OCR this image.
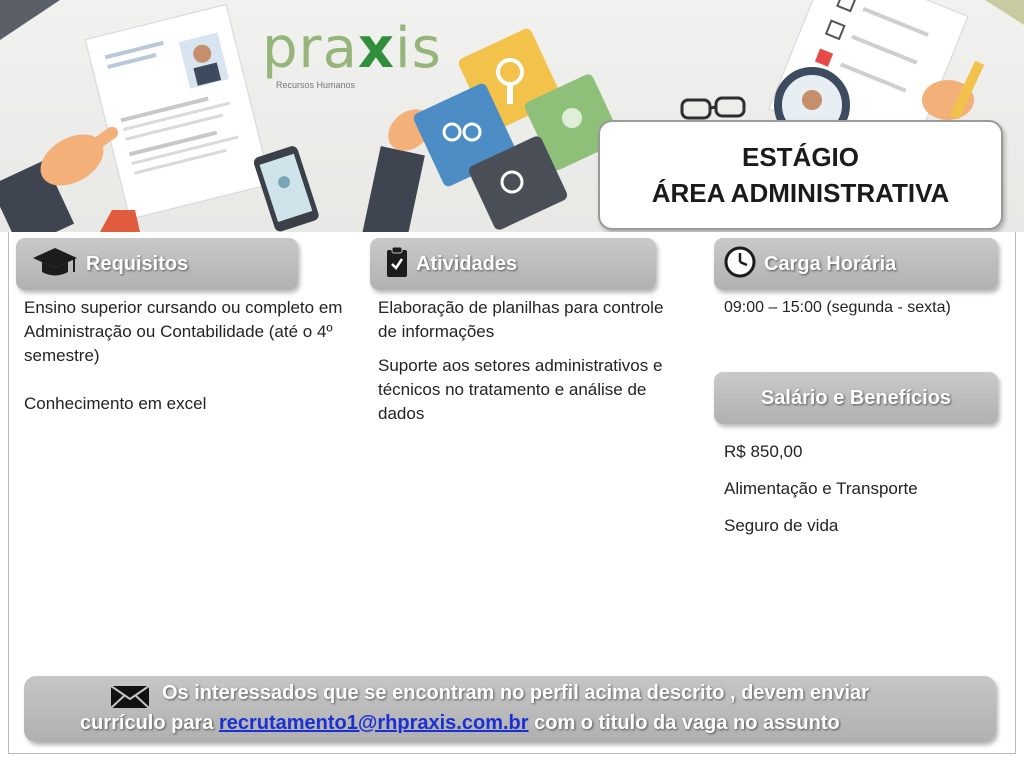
praxis
Recursos Humanos
ESTÁGIO
ÁREA ADMINISTRATIVA
Requisitos

Ensino superior cursando ou completo em Administração ou Contabilidade (até o 4º semestre)

Conhecimento em excel

Atividades

Elaboração de planilhas para controle de informações

Suporte aos setores administrativos e técnicos no tratamento e análise de dados

Carga Horária
09:00 – 15:00 (segunda - sexta)
Salário e Benefícios

R$ 850,00

Alimentação e Transporte

Seguro de vida

Os interessados que se encontram no perfil acima descrito , devem enviar
currículo para recrutamento1@rhpraxis.com.br com o titulo da vaga no assunto
